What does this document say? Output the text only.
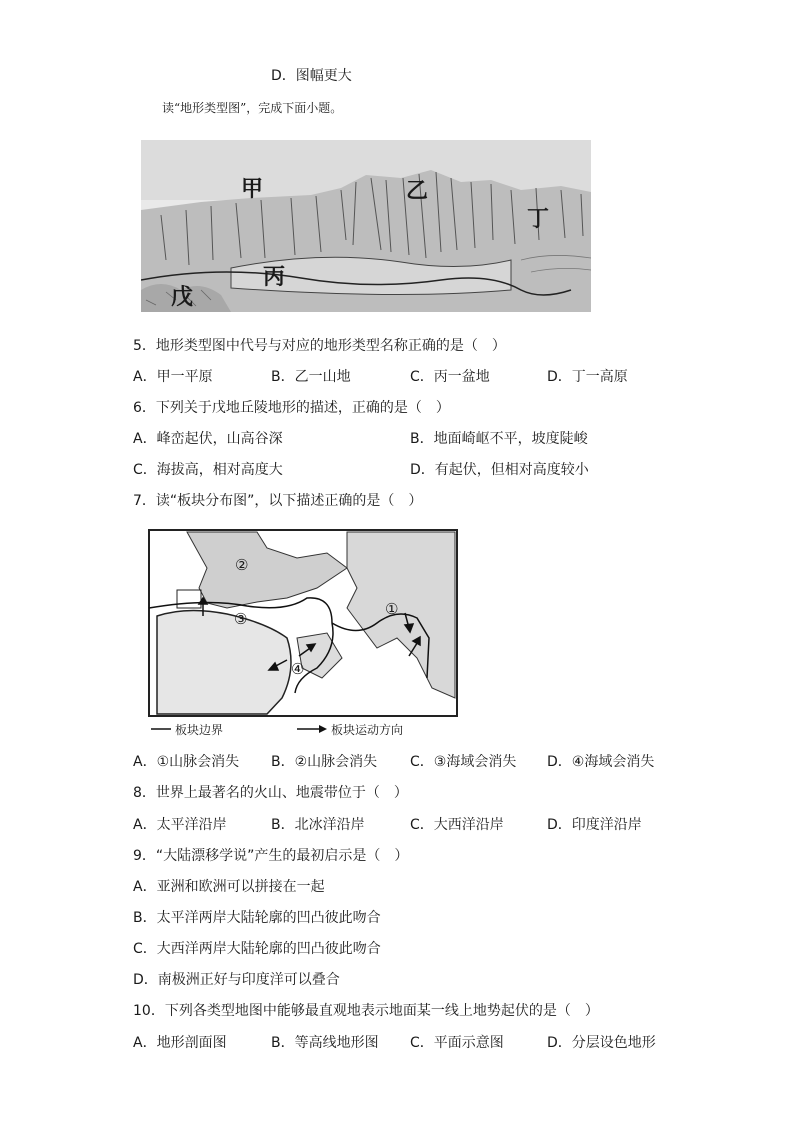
D．图幅更大
读“地形类型图”，完成下面小题。
甲	乙
丁
丙
戊
5．地形类型图中代号与对应的地形类型名称正确的是（　）
A．甲一平原	B．乙一山地	C．丙一盆地	D．丁一高原
6．下列关于戊地丘陵地形的描述，正确的是（　）
A．峰峦起伏，山高谷深	B．地面崎岖不平，坡度陡峻
C．海拔高，相对高度大	D．有起伏，但相对高度较小
7．读“板块分布图”，以下描述正确的是（　）
②
③
①
④
板块边界	板块运动方向
A．①山脉会消失 B．②山脉会消失 C．③海域会消失 D．④海域会消失
8．世界上最著名的火山、地震带位于（　）
A．太平洋沿岸	B．北冰洋沿岸	C．大西洋沿岸	D．印度洋沿岸
9．“大陆漂移学说”产生的最初启示是（　）
A．亚洲和欧洲可以拼接在一起
B．太平洋两岸大陆轮廓的凹凸彼此吻合
C．大西洋两岸大陆轮廓的凹凸彼此吻合
D．南极洲正好与印度洋可以叠合
10．下列各类型地图中能够最直观地表示地面某一线上地势起伏的是（　）
A．地形剖面图	B．等高线地形图 C．平面示意图	D．分层设色地形
